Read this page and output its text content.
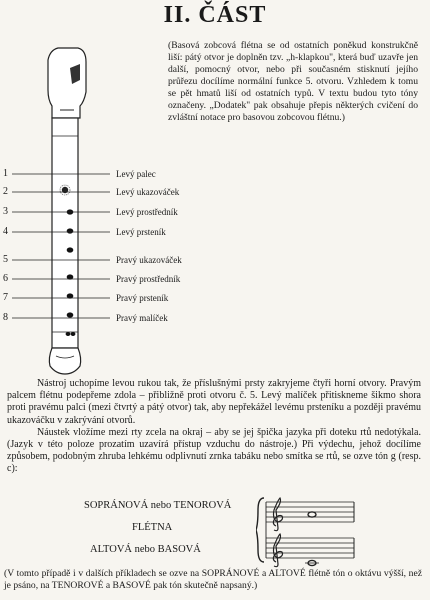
II. ČÁST
(Basová zobcová flétna se od ostatních poněkud konstrukčně liší: pátý otvor je doplněn tzv. „h-klapkou", která buď uzavře jen další, pomocný otvor, nebo při současném stisknutí jejího průřezu docílíme normální funkce 5. otvoru. Vzhledem k tomu se pět hmatů liší od ostatních typů. V textu budou tyto tóny označeny. „Dodatek" pak obsahuje přepis některých cvičení do zvláštní notace pro basovou zobcovou flétnu.)
1
2
3
4
5
6
7
8
Levý palec
Levý ukazováček
Levý prostředník
Levý prsteník
Pravý ukazováček
Pravý prostředník
Pravý prsteník
Pravý malíček

Nástroj uchopíme levou rukou tak, že příslušnými prsty zakryjeme čtyři horní otvory. Pravým palcem flétnu podepřeme zdola – přibližně proti otvoru č. 5. Levý malíček přitiskneme šikmo shora proti pravému palci (mezi čtvrtý a pátý otvor) tak, aby nepřekážel levému prsteníku a později pravému ukazováčku v zakrývání otvorů.

Náustek vložíme mezi rty zcela na okraj – aby se jej špička jazyka při doteku rtů nedotýkala. (Jazyk v této poloze prozatím uzavírá přístup vzduchu do nástroje.) Při výdechu, jehož docílíme způsobem, podobným zhruba lehkému odplivnutí zrnka tabáku nebo smítka se rtů, se ozve tón g (resp. c):

SOPRÁNOVÁ nebo TENOROVÁ
FLÉTNA
ALTOVÁ nebo BASOVÁ
(V tomto případě i v dalších příkladech se ozve na SOPRÁNOVÉ a ALTOVÉ flétně tón o oktávu výšší, než je psáno, na TENOROVÉ a BASOVÉ pak tón skutečně napsaný.)
